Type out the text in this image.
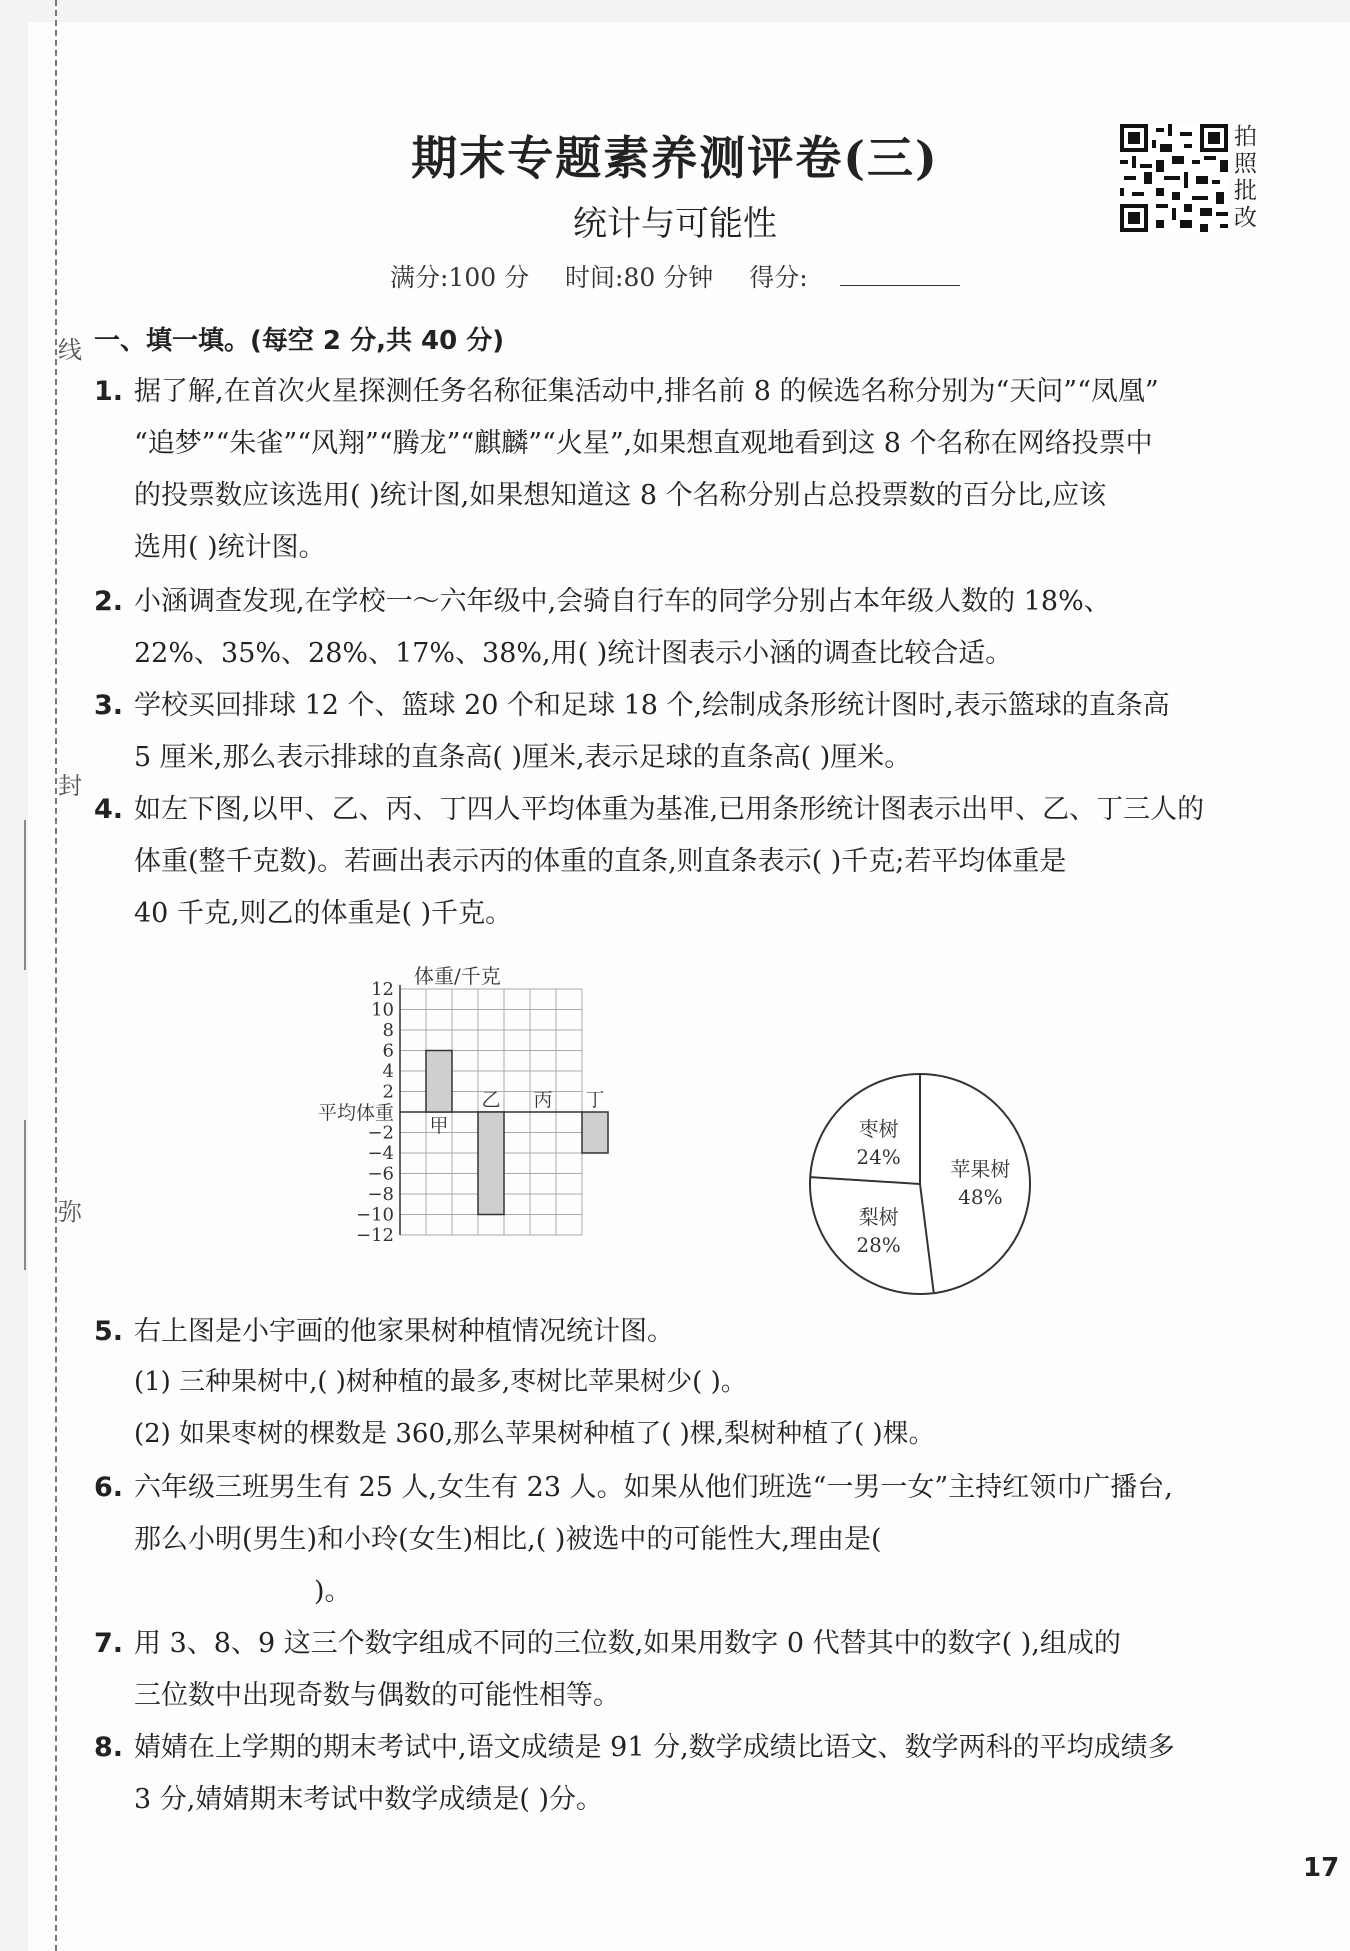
线
封
弥
期末专题素养测评卷(三)
统计与可能性
满分:100 分 时间:80 分钟 得分:
拍照批改
一、填一填。(每空 2 分,共 40 分)
1. 据了解,在首次火星探测任务名称征集活动中,排名前 8 的候选名称分别为“天问”“凤凰”
“追梦”“朱雀”“风翔”“腾龙”“麒麟”“火星”,如果想直观地看到这 8 个名称在网络投票中
的投票数应该选用( )统计图,如果想知道这 8 个名称分别占总投票数的百分比,应该
选用( )统计图。
2. 小涵调查发现,在学校一～六年级中,会骑自行车的同学分别占本年级人数的 18%、
22%、35%、28%、17%、38%,用( )统计图表示小涵的调查比较合适。
3. 学校买回排球 12 个、篮球 20 个和足球 18 个,绘制成条形统计图时,表示篮球的直条高
5 厘米,那么表示排球的直条高( )厘米,表示足球的直条高( )厘米。
4. 如左下图,以甲、乙、丙、丁四人平均体重为基准,已用条形统计图表示出甲、乙、丁三人的
体重(整千克数)。若画出表示丙的体重的直条,则直条表示( )千克;若平均体重是
40 千克,则乙的体重是( )千克。
体重/千克
12
10
8
6
4
2
−2
−4
−6
−8
−10
−12
平均体重
甲
乙 丙 丁
苹果树
48%
梨树
28%
枣树
24%
5. 右上图是小宇画的他家果树种植情况统计图。
(1) 三种果树中,( )树种植的最多,枣树比苹果树少( )。
(2) 如果枣树的棵数是 360,那么苹果树种植了( )棵,梨树种植了( )棵。
6. 六年级三班男生有 25 人,女生有 23 人。如果从他们班选“一男一女”主持红领巾广播台,
那么小明(男生)和小玲(女生)相比,( )被选中的可能性大,理由是(
)。
7. 用 3、8、9 这三个数字组成不同的三位数,如果用数字 0 代替其中的数字( ),组成的
三位数中出现奇数与偶数的可能性相等。
8. 婧婧在上学期的期末考试中,语文成绩是 91 分,数学成绩比语文、数学两科的平均成绩多
3 分,婧婧期末考试中数学成绩是( )分。
17
